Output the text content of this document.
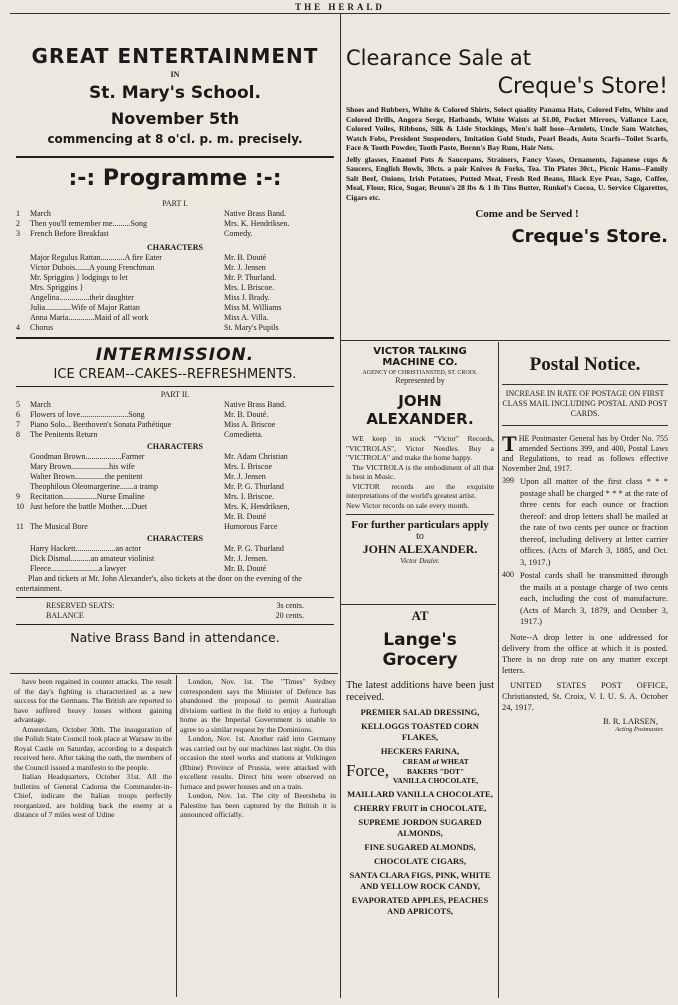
THE HERALD
GREAT ENTERTAINMENT
IN
St. Mary's School.
November 5th
commencing at 8 o'cl. p. m. precisely.
:-: Programme :-:
PART I.
1	March	Native Brass Band.
2	Then you'll remember me.........Song	Mrs. K. Hendriksen.
3	French Before Breakfast	Comedy.
CHARACTERS
Major Regulus Rattan............A fire Eater	Mr. B. Douté
Victor Dubois.......A young Frenchman	Mr. J. Jensen
Mr. Spriggins } lodgings to let	Mr. P. Thurland.
Mrs. Spriggins }	Mrs. I. Briscoe.
Angelina...............their daughter	Miss J. Brady.
Julia.............Wife of Major Rattan	Miss M. Williams
Anna Maria.............Maid of all work	Miss A. Villa.
4	Chorus	St. Mary's Pupils
INTERMISSION.
ICE CREAM--CAKES--REFRESHMENTS.
PART II.
5	March	Native Brass Band.
6	Flowers of love........................Song	Mr. B. Douté.
7	Piano Solo... Beethoven's Sonata Pathétique	Miss A. Briscoe
8	The Penitents Return	Comedietta.
CHARACTERS
Goodman Brown..................Farmer	Mr. Adam Christian
Mary Brown...................his wife	Mrs. I. Briscoe
Walter Brown...............the penitent	Mr. J. Jensen
Theophilous Oleomargerine.......a tramp	Mr. P. G. Thurland
9	Recitation.................Nurse Emaline	Mrs. I. Briscoe.
10 Just before the battle Mother.....Duet	Mrs. K. Hendriksen,
Mr. B. Douté
11 The Musical Bore	Humorous Farce
CHARACTERS
Harry Hackett....................an actor	Mr. P. G. Thurland
Dick Dismal..........an amateur violinist	Mr. J. Jensen.
Fleece........................a lawyer	Mr. B. Douté

Plan and tickets at Mr. John Alexander's, also tickets at the door on the evening of the entertainment.

RESERVED SEATS:	3s cents.
BALANCE	20 cents.
Native Brass Band in attendance.

have been regained in counter attacks. The result of the day's fighting is characterized as a new success for the Germans. The British are reported to have suffered heavy losses without gaining advantage.

Amsterdam, October 30th. The inauguration of the Polish State Council took place at Warsaw in the Royal Castle on Saturday, according to a despatch received here. After taking the oath, the members of the Council issued a manifesto to the people.

Italian Headquarters, October 31st. All the bulletins of General Cadorna the Commander-in-Chief, indicate the Italian troops perfectly reorganized, are holding back the enemy at a distance of 7 miles west of Udine

London, Nov. 1st. The "Times" Sydney correspondent says the Minister of Defence has abandoned the proposal to permit Australian divisions earliest in the field to enjoy a furlough home as the Imperial Government is unable to agree to a similar request by the Dominions.

London, Nov. 1st. Another raid into Germany was carried out by our machines last night. On this occasion the steel works and stations at Volkingen (Rhine) Province of Prussia, were attacked with excellent results. Direct hits were observed on furnace and power houses and on a train.

London, Nov. 1st. The city of Beersheba in Palestine has been captured by the British it is announced officially.

Clearance Sale at
Creque's Store!

Shoes and Rubbers, White & Colored Shirts, Select quality Panama Hats, Colored Felts, White and Colored Drills, Angora Serge, Hatbands, White Waists at $1.00, Pocket Mirrors, Vallance Lace, Colored Voiles, Ribbons, Silk & Lisle Stockings, Men's half hose--Armlets, Uncle Sam Watches, Watch Fobs, President Suspenders, Imitation Gold Studs, Pearl Beads, Auto Scarfs--Toilet Scarfs, Face & Tooth Powder, Tooth Paste, Bornn's Bay Rum, Hair Nets.

Jelly glasses, Enamel Pots & Saucepans, Strainers, Fancy Vases, Ornaments, Japanese cups & Saucers, English Bowls, 30cts. a pair Knives & Forks, Tea. Tin Plates 30ct., Picnic Hams--Family Salt Beef, Onions, Irish Potatoes, Potted Meat, Fresh Red Beans, Black Eye Peas, Sago, Coffee, Meal, Flour, Rice, Sugar, Brunn's 28 lbs & 1 lb Tins Butter, Runkel's Cocoa, U. Service Cigarettes, Cigars etc.

Come and be Served !
Creque's Store.
VICTOR TALKING MACHINE CO.
AGENCY OF CHRISTIANSTED, ST. CROIX.
Represented by
JOHN ALEXANDER.

WE keep in stock "Victor" Records, "VICTROLAS", Victor Needles. Buy a "VICTROLA" and make the home happy.

The VICTROLA is the embodiment of all that is best in Music.

VICTOR records are the exquisite interpretations of the world's greatest artist.

New Victor records on sale every month.

For further particulars apply
to
JOHN ALEXANDER.
Victor Dealer.
AT
Lange's Grocery

The latest additions have been just received.

PREMIER SALAD DRESSING,
KELLOGGS TOASTED CORN FLAKES,
HECKERS FARINA,
Force,	CREAM of WHEAT
BAKERS "DOT"
VANILLA CHOCOLATE,
MAILLARD VANILLA CHOCOLATE,
CHERRY FRUIT in CHOCOLATE,
SUPREME JORDON SUGARED ALMONDS,
FINE SUGARED ALMONDS,
CHOCOLATE CIGARS,
SANTA CLARA FIGS, PINK, WHITE AND YELLOW ROCK CANDY,
EVAPORATED APPLES, PEACHES AND APRICOTS,
Postal Notice.

INCREASE IN RATE OF POSTAGE ON FIRST CLASS MAIL INCLUDING POSTAL AND POST CARDS.

THE Postmaster General has by Order No. 755 amended Sections 399, and 400, Postal Laws and Regulations, to read as follows effective November 2nd, 1917.

399 Upon all matter of the first class * * * postage shall be charged * * * at the rate of three cents for each ounce or fraction thereof: and drop letters shall be mailed at the rate of two cents per ounce or fraction thereof, including delivery at letter carrier offices. (Acts of March 3, 1885, and Oct. 3, 1917.)

400 Postal cards shall be transmitted through the mails at a postage charge of two cents each, including the cost of manufacture. (Acts of March 3, 1879, and October 3, 1917.)

Note--A drop letter is one addressed for delivery from the office at which it is posted. There is no drop rate on any matter except letters.

UNITED STATES POST OFFICE, Christiansted, St. Croix, V. I. U. S. A. October 24, 1917.

B. R. LARSEN,
Acting Postmaster.
